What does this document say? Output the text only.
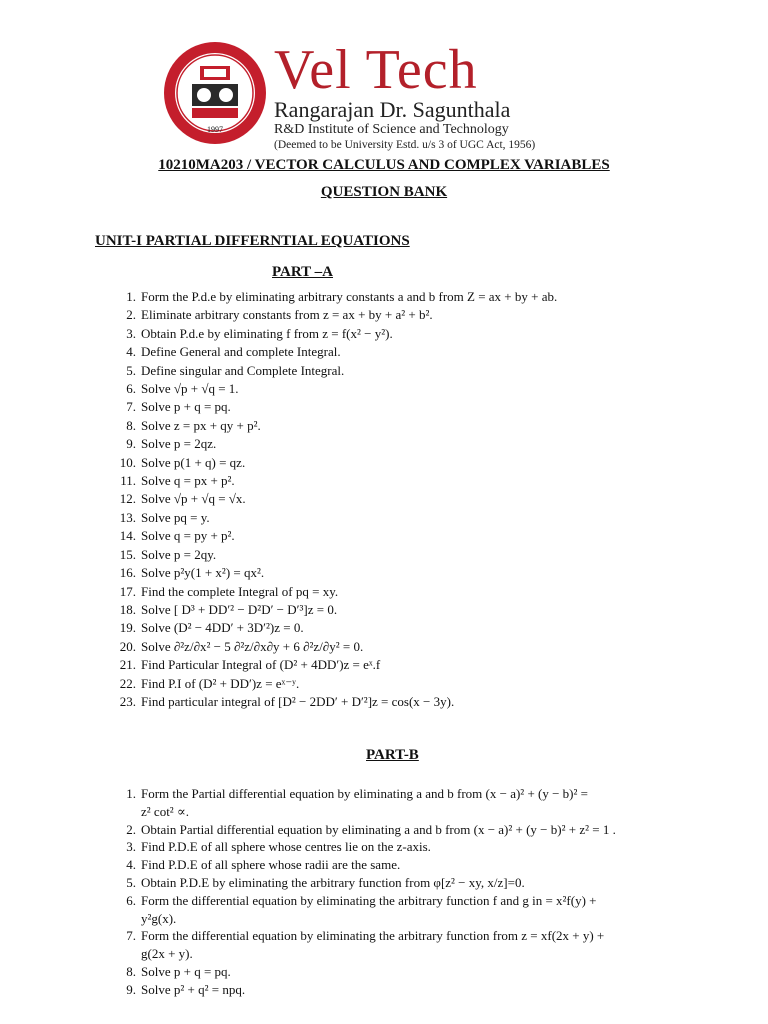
1997
Vel Tech
Rangarajan Dr. Sagunthala
R&D Institute of Science and Technology
(Deemed to be University Estd. u/s 3 of UGC Act, 1956)
10210MA203 / VECTOR CALCULUS AND COMPLEX VARIABLES
QUESTION BANK
UNIT-I PARTIAL DIFFERNTIAL EQUATIONS
PART –A
1. Form the P.d.e by eliminating arbitrary constants a and b from Z = ax + by + ab.
2. Eliminate arbitrary constants from z = ax + by + a² + b².
3. Obtain P.d.e by eliminating f from z = f(x² − y²).
4. Define General and complete Integral.
5. Define singular and Complete Integral.
6. Solve √p + √q = 1.
7. Solve p + q = pq.
8. Solve z = px + qy + p².
9. Solve p = 2qz.
10. Solve p(1 + q) = qz.
11. Solve q = px + p².
12. Solve √p + √q = √x.
13. Solve pq = y.
14. Solve q = py + p².
15. Solve p = 2qy.
16. Solve p²y(1 + x²) = qx².
17. Find the complete Integral of pq = xy.
18. Solve [ D³ + DD′² − D²D′ − D′³]z = 0.
19. Solve (D² − 4DD′ + 3D′²)z = 0.
20. Solve ∂²z/∂x² − 5 ∂²z/∂x∂y + 6 ∂²z/∂y² = 0.
21. Find Particular Integral of (D² + 4DD′)z = eˣ.f
22. Find P.I of (D² + DD′)z = eˣ⁻ʸ.
23. Find particular integral of [D² − 2DD′ + D′²]z = cos(x − 3y).
PART-B
1. Form the Partial differential equation by eliminating a and b from (x − a)² + (y − b)² =
z² cot² ∝.
2. Obtain Partial differential equation by eliminating a and b from (x − a)² + (y − b)² + z² = 1 .
3. Find P.D.E of all sphere whose centres lie on the z-axis.
4. Find P.D.E of all sphere whose radii are the same.
5. Obtain P.D.E by eliminating the arbitrary function from φ[z² − xy, x/z]=0.
6. Form the differential equation by eliminating the arbitrary function f and g in = x²f(y) +
y²g(x).
7. Form the differential equation by eliminating the arbitrary function from z = xf(2x + y) +
g(2x + y).
8. Solve p + q = pq.
9. Solve p² + q² = npq.
